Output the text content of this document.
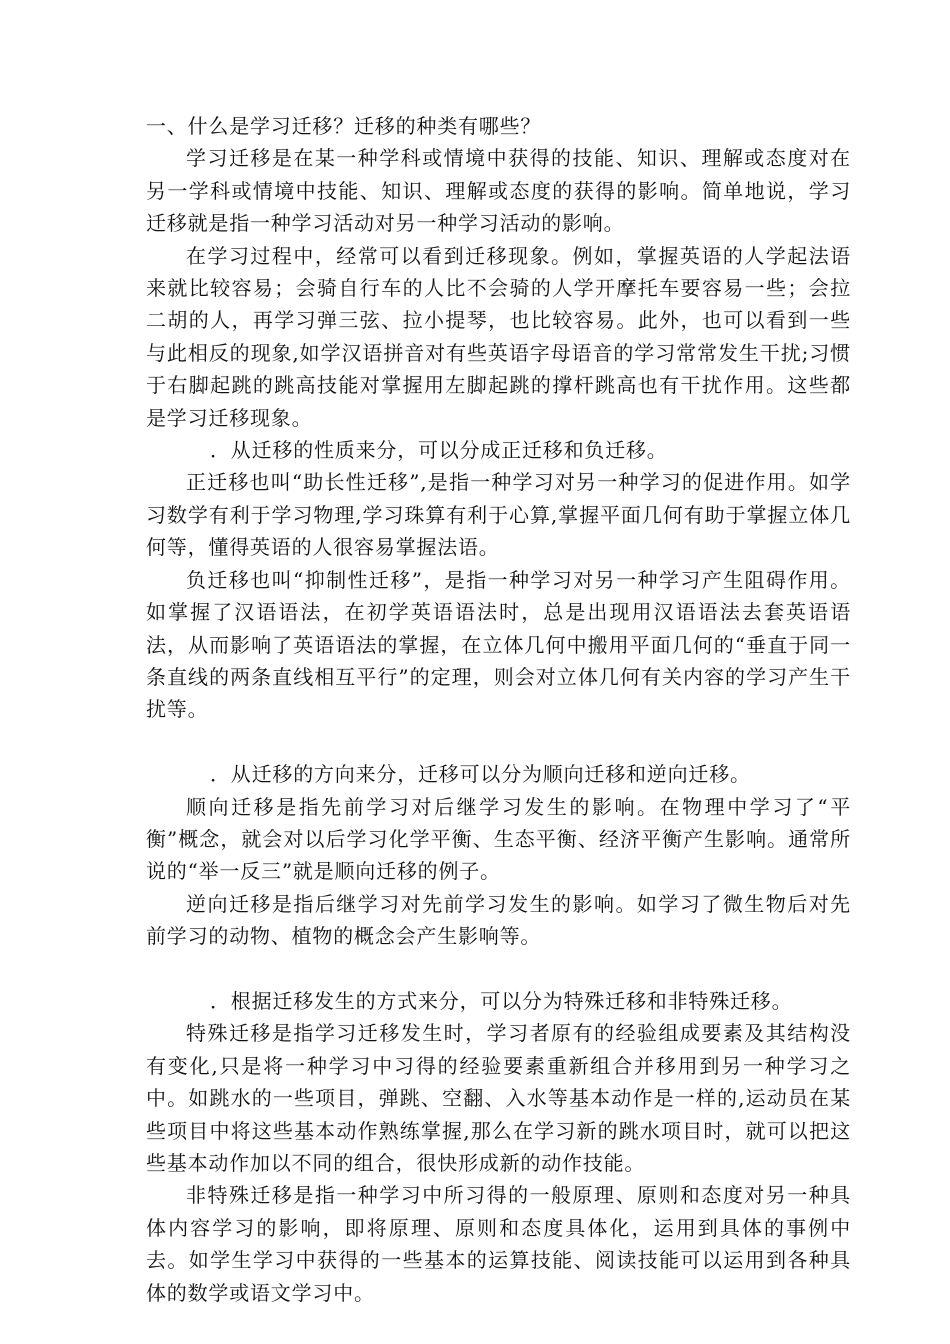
一、什么是学习迁移？迁移的种类有哪些？

学习迁移是在某一种学科或情境中获得的技能、知识、理解或态度对在另一学科或情境中技能、知识、理解或态度的获得的影响。简单地说，学习迁移就是指一种学习活动对另一种学习活动的影响。

在学习过程中，经常可以看到迁移现象。例如，掌握英语的人学起法语来就比较容易；会骑自行车的人比不会骑的人学开摩托车要容易一些；会拉二胡的人，再学习弹三弦、拉小提琴，也比较容易。此外，也可以看到一些与此相反的现象,如学汉语拼音对有些英语字母语音的学习常常发生干扰;习惯于右脚起跳的跳高技能对掌握用左脚起跳的撑杆跳高也有干扰作用。这些都是学习迁移现象。

．从迁移的性质来分，可以分成正迁移和负迁移。

正迁移也叫“助长性迁移”,是指一种学习对另一种学习的促进作用。如学习数学有利于学习物理,学习珠算有利于心算,掌握平面几何有助于掌握立体几何等，懂得英语的人很容易掌握法语。

负迁移也叫“抑制性迁移”，是指一种学习对另一种学习产生阻碍作用。如掌握了汉语语法，在初学英语语法时，总是出现用汉语语法去套英语语法，从而影响了英语语法的掌握，在立体几何中搬用平面几何的“垂直于同一条直线的两条直线相互平行”的定理，则会对立体几何有关内容的学习产生干扰等。

．从迁移的方向来分，迁移可以分为顺向迁移和逆向迁移。

顺向迁移是指先前学习对后继学习发生的影响。在物理中学习了“平衡”概念，就会对以后学习化学平衡、生态平衡、经济平衡产生影响。通常所说的“举一反三”就是顺向迁移的例子。

逆向迁移是指后继学习对先前学习发生的影响。如学习了微生物后对先前学习的动物、植物的概念会产生影响等。

．根据迁移发生的方式来分，可以分为特殊迁移和非特殊迁移。

特殊迁移是指学习迁移发生时，学习者原有的经验组成要素及其结构没有变化,只是将一种学习中习得的经验要素重新组合并移用到另一种学习之中。如跳水的一些项目，弹跳、空翻、入水等基本动作是一样的,运动员在某些项目中将这些基本动作熟练掌握,那么在学习新的跳水项目时，就可以把这些基本动作加以不同的组合，很快形成新的动作技能。

非特殊迁移是指一种学习中所习得的一般原理、原则和态度对另一种具体内容学习的影响，即将原理、原则和态度具体化，运用到具体的事例中去。如学生学习中获得的一些基本的运算技能、阅读技能可以运用到各种具体的数学或语文学习中。
